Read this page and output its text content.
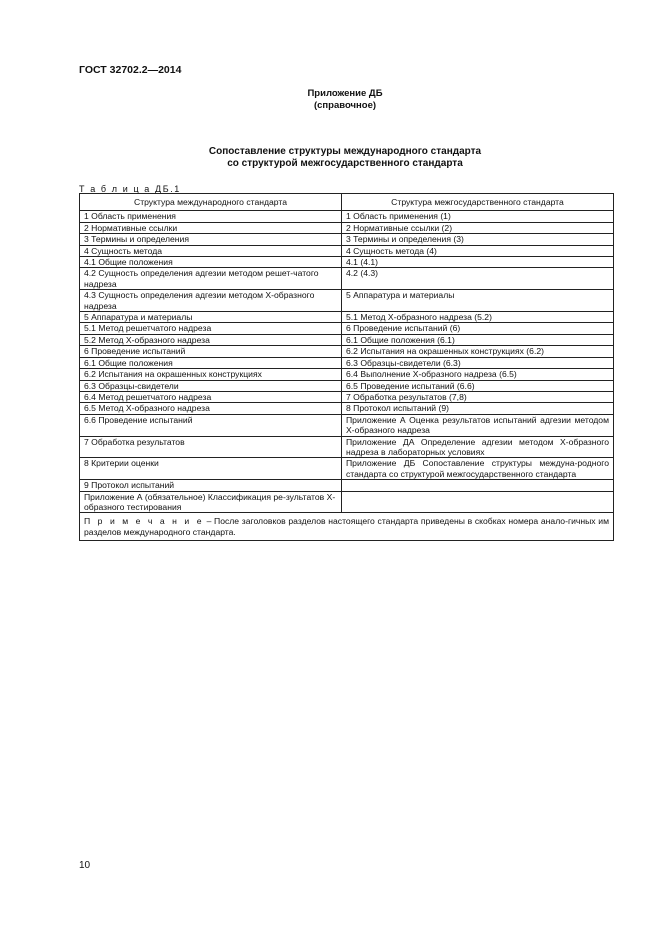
ГОСТ 32702.2—2014
Приложение ДБ
(справочное)
Сопоставление структуры международного стандарта
со структурой межгосударственного стандарта
Т а б л и ц а ДБ.1
Структура международного стандарта	Структура межгосударственного стандарта
1 Область применения	1 Область применения (1)
2 Нормативные ссылки	2 Нормативные ссылки (2)
3 Термины и определения	3 Термины и определения (3)
4 Сущность метода	4 Сущность метода (4)
4.1 Общие положения	4.1 (4.1)
4.2 Сущность определения адгезии методом решет-чатого надреза	4.2 (4.3)
4.3 Сущность определения адгезии методом Х-образного надреза	5 Аппаратура и материалы
5 Аппаратура и материалы	5.1 Метод Х-образного надреза (5.2)
5.1 Метод решетчатого надреза	6 Проведение испытаний (6)
5.2 Метод Х-образного надреза	6.1 Общие положения (6.1)
6 Проведение испытаний	6.2 Испытания на окрашенных конструкциях (6.2)
6.1 Общие положения	6.3 Образцы-свидетели (6.3)
6.2 Испытания на окрашенных конструкциях	6.4 Выполнение Х-образного надреза (6.5)
6.3 Образцы-свидетели	6.5 Проведение испытаний (6.6)
6.4 Метод решетчатого надреза	7 Обработка результатов (7,8)
6.5 Метод Х-образного надреза	8 Протокол испытаний (9)
6.6 Проведение испытаний	Приложение А Оценка результатов испытаний адгезии методом Х-образного надреза
7 Обработка результатов	Приложение ДА Определение адгезии методом Х-образного надреза в лабораторных условиях
8 Критерии оценки	Приложение ДБ Сопоставление структуры междуна-родного стандарта со структурой межгосударственного стандарта
9 Протокол испытаний	
Приложение А (обязательное) Классификация ре-зультатов Х-образного тестирования	
П р и м е ч а н и е – После заголовков разделов настоящего стандарта приведены в скобках номера анало-гичных им разделов международного стандарта.	
10
